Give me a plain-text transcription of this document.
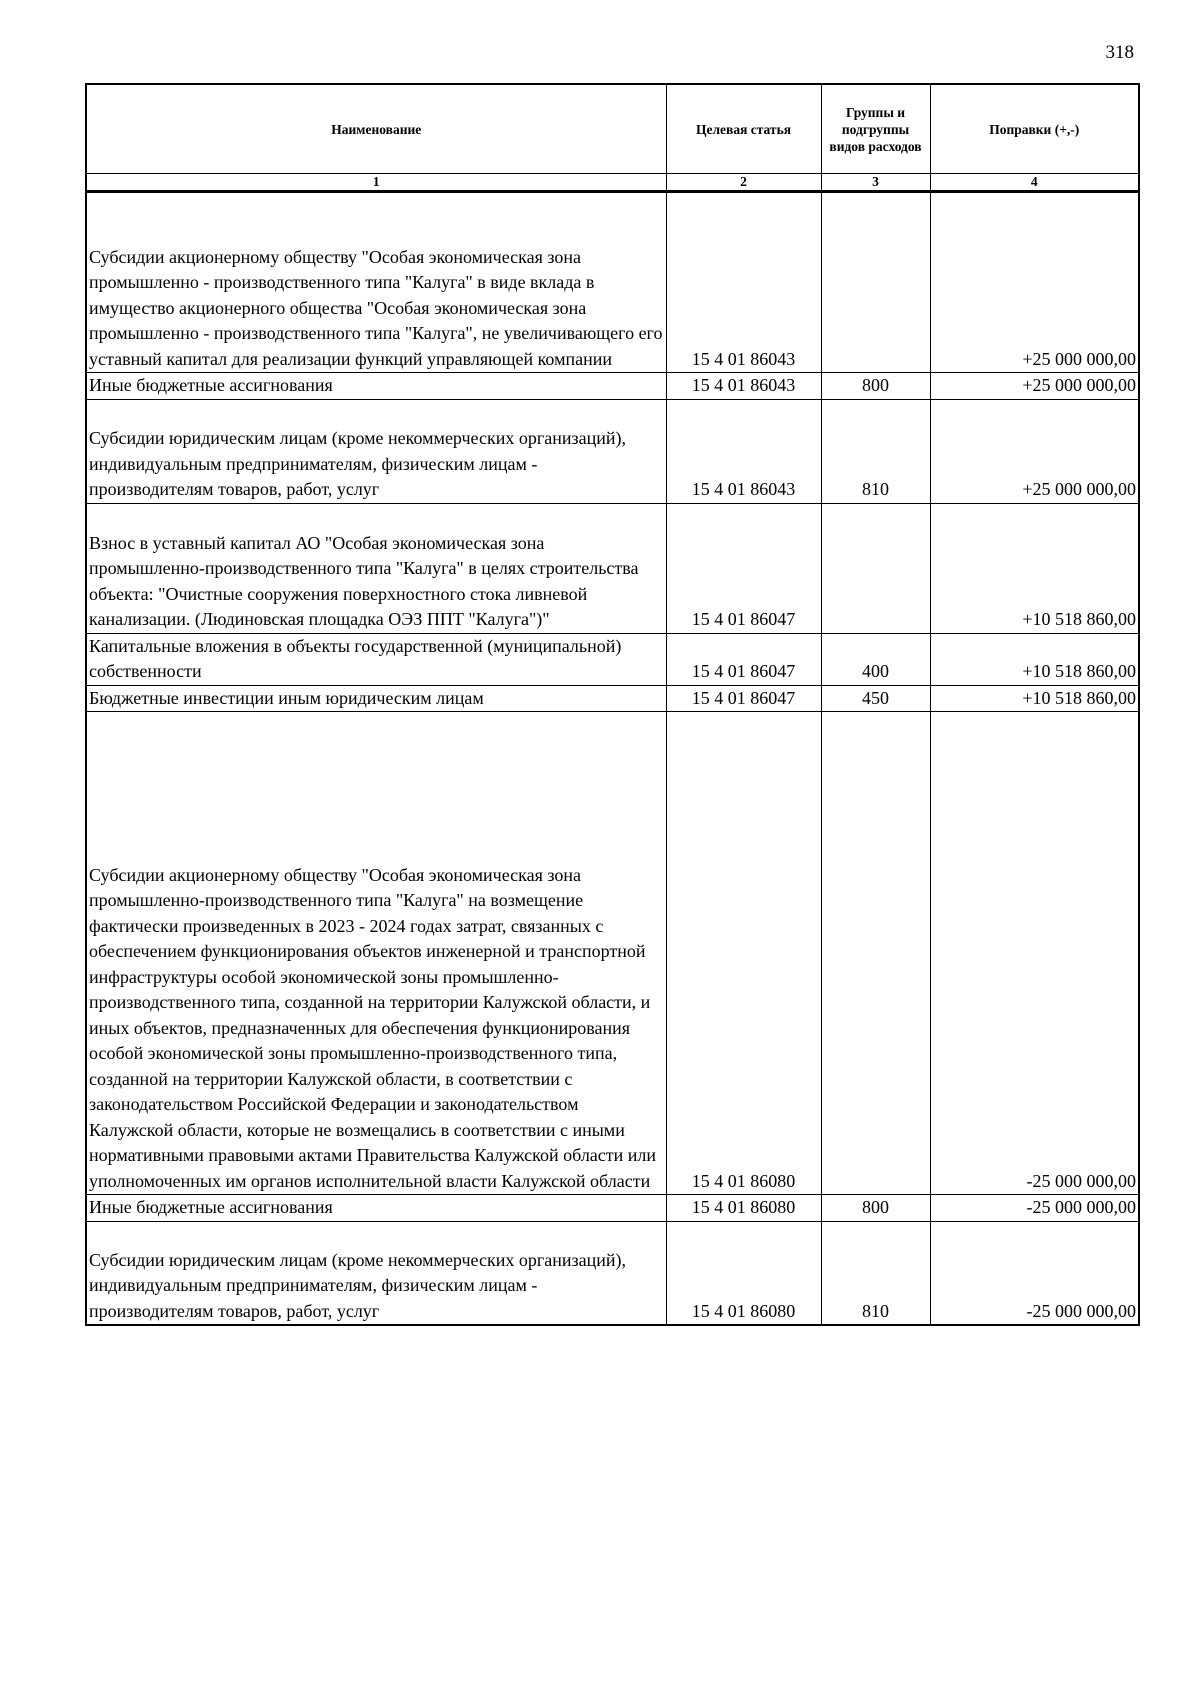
318
Наименование	Целевая статья	Группы и подгруппы видов расходов	Поправки (+,-)
1	2	3	4
Субсидии акционерному обществу "Особая экономическая зона промышленно - производственного типа "Калуга" в виде вклада в имущество акционерного общества "Особая экономическая зона промышленно - производственного типа "Калуга", не увеличивающего его уставный капитал для реализации функций управляющей компании	15 4 01 86043		+25 000 000,00
Иные бюджетные ассигнования	15 4 01 86043	800	+25 000 000,00
Субсидии юридическим лицам (кроме некоммерческих организаций), индивидуальным предпринимателям, физическим лицам - производителям товаров, работ, услуг	15 4 01 86043	810	+25 000 000,00
Взнос в уставный капитал АО "Особая экономическая зона промышленно-производственного типа "Калуга" в целях строительства объекта: "Очистные сооружения поверхностного стока ливневой канализации. (Людиновская площадка ОЭЗ ППТ "Калуга")"	15 4 01 86047		+10 518 860,00
Капитальные вложения в объекты государственной (муниципальной) собственности	15 4 01 86047	400	+10 518 860,00
Бюджетные инвестиции иным юридическим лицам	15 4 01 86047	450	+10 518 860,00
Субсидии акционерному обществу "Особая экономическая зона промышленно-производственного типа "Калуга" на возмещение фактически произведенных в 2023 - 2024 годах затрат, связанных с обеспечением функционирования объектов инженерной и транспортной инфраструктуры особой экономической зоны промышленно-производственного типа, созданной на территории Калужской области, и иных объектов, предназначенных для обеспечения функционирования особой экономической зоны промышленно-производственного типа, созданной на территории Калужской области, в соответствии с законодательством Российской Федерации и законодательством Калужской области, которые не возмещались в соответствии с иными нормативными правовыми актами Правительства Калужской области или уполномоченных им органов исполнительной власти Калужской области	15 4 01 86080		-25 000 000,00
Иные бюджетные ассигнования	15 4 01 86080	800	-25 000 000,00
Субсидии юридическим лицам (кроме некоммерческих организаций), индивидуальным предпринимателям, физическим лицам - производителям товаров, работ, услуг	15 4 01 86080	810	-25 000 000,00
